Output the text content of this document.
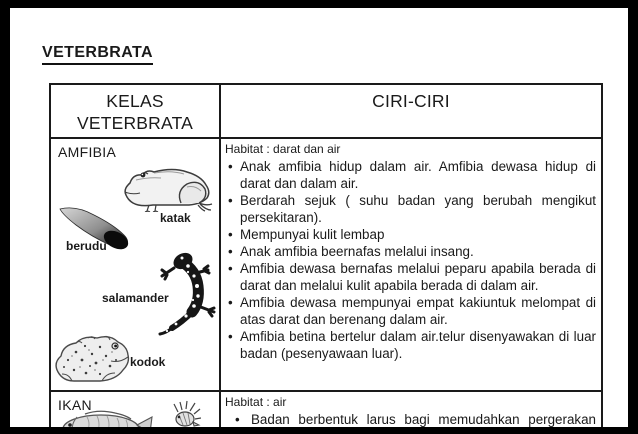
VETERBRATA
KELAS
VETERBRATA
CIRI-CIRI
AMFIBIA
katak
berudu
salamander
kodok
Habitat : darat dan air
• Anak amfibia hidup dalam air. Amfibia dewasa hidup di darat dan dalam air.
• Berdarah sejuk ( suhu badan yang berubah mengikut persekitaran).
• Mempunyai kulit lembap
• Anak amfibia beernafas melalui insang.
• Amfibia dewasa bernafas melalui peparu apabila berada di darat dan melalui kulit apabila berada di dalam air.
• Amfibia dewasa mempunyai empat kakiuntuk melompat di atas darat dan berenang dalam air.
• Amfibia betina bertelur dalam air.telur disenyawakan di luar badan (pesenyawaan luar).
IKAN	Habitat : air
• Badan berbentuk larus bagi memudahkan pergerakan
